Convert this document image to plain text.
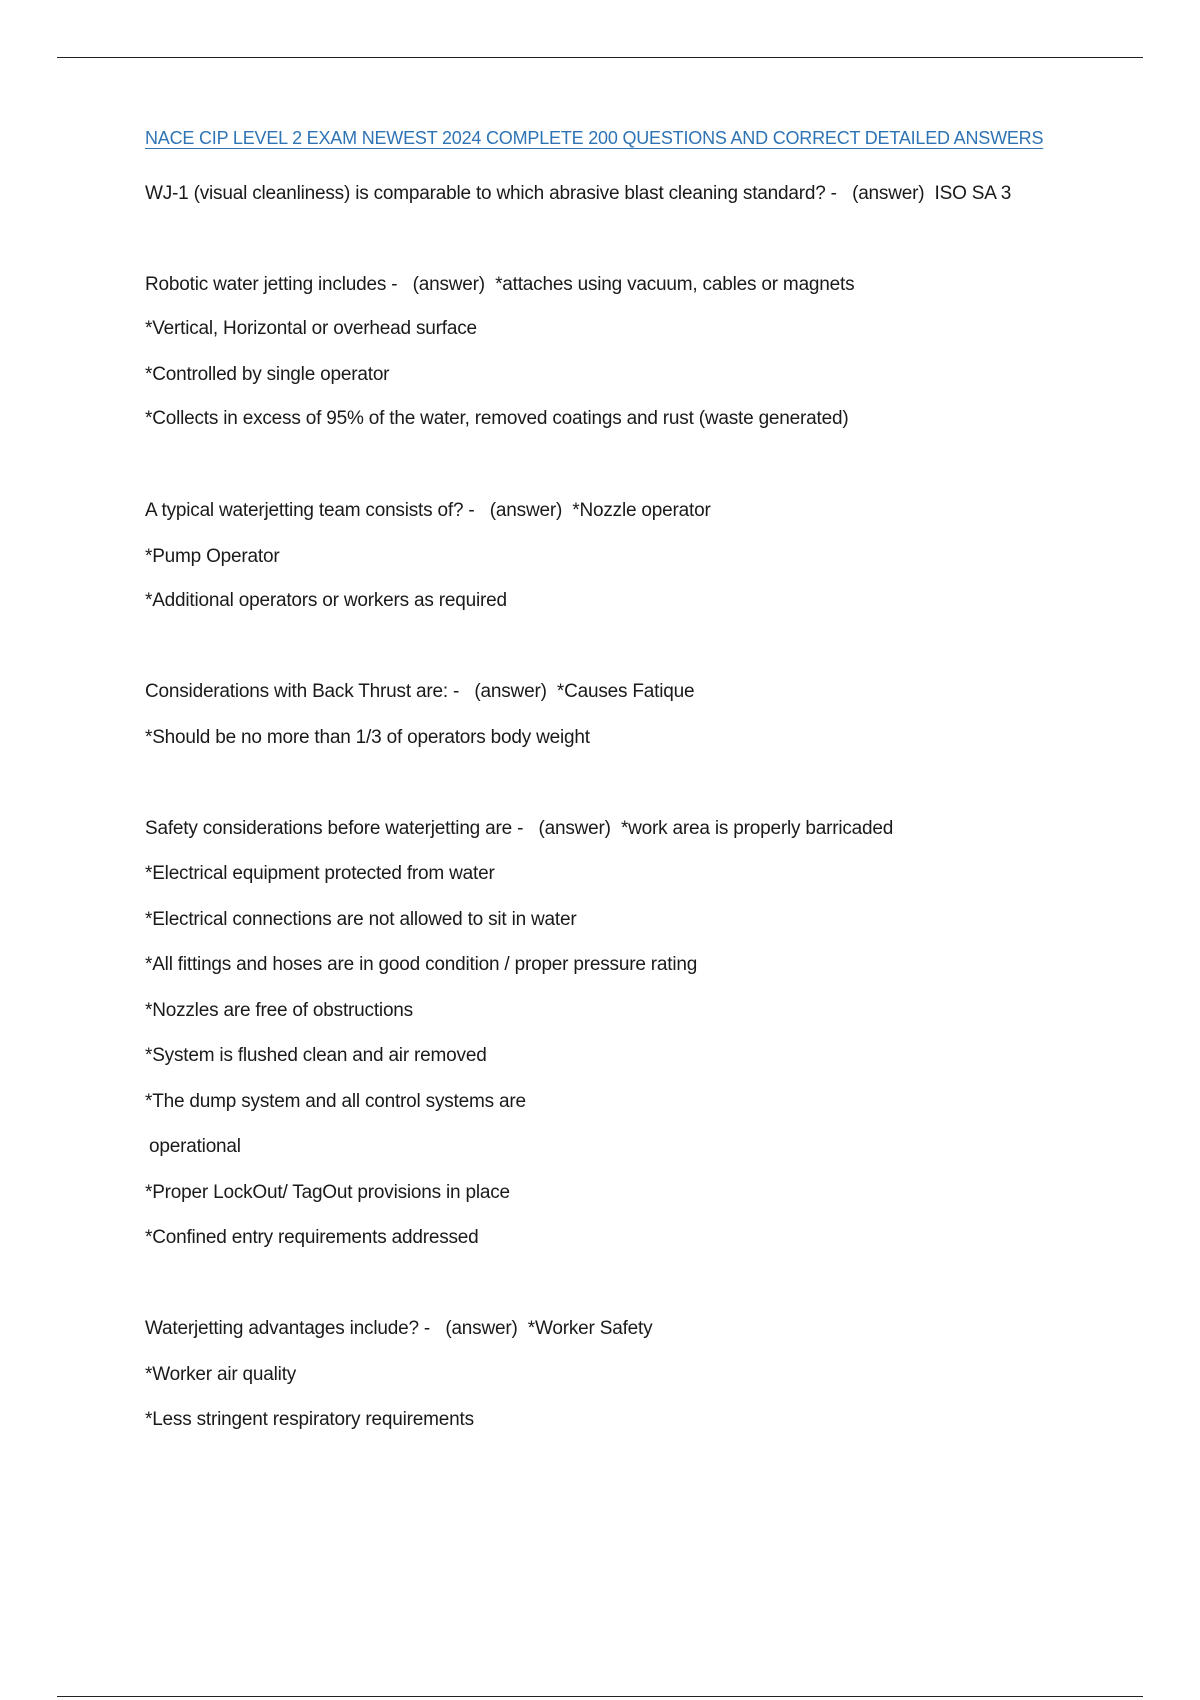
NACE CIP LEVEL 2 EXAM NEWEST 2024 COMPLETE 200 QUESTIONS AND CORRECT DETAILED ANSWERS
WJ-1 (visual cleanliness) is comparable to which abrasive blast cleaning standard? - (answer) ISO SA 3
Robotic water jetting includes - (answer) *attaches using vacuum, cables or magnets
*Vertical, Horizontal or overhead surface
*Controlled by single operator
*Collects in excess of 95% of the water, removed coatings and rust (waste generated)
A typical waterjetting team consists of? - (answer) *Nozzle operator
*Pump Operator
*Additional operators or workers as required
Considerations with Back Thrust are: - (answer) *Causes Fatique
*Should be no more than 1/3 of operators body weight
Safety considerations before waterjetting are - (answer) *work area is properly barricaded
*Electrical equipment protected from water
*Electrical connections are not allowed to sit in water
*All fittings and hoses are in good condition / proper pressure rating
*Nozzles are free of obstructions
*System is flushed clean and air removed
*The dump system and all control systems are
operational
*Proper LockOut/ TagOut provisions in place
*Confined entry requirements addressed
Waterjetting advantages include? - (answer) *Worker Safety
*Worker air quality
*Less stringent respiratory requirements
